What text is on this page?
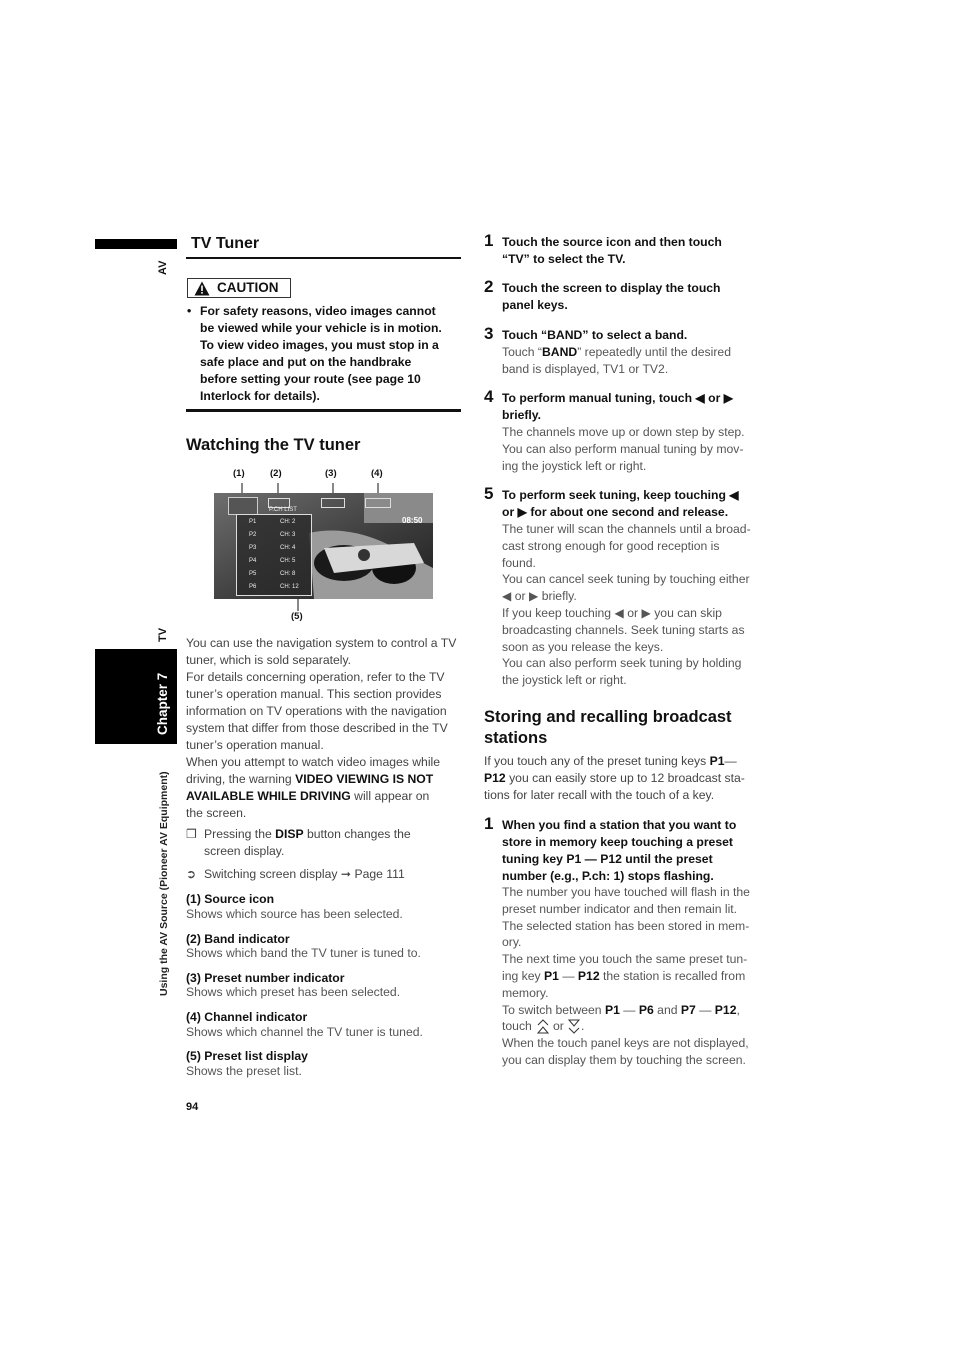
AV
TV
Chapter 7
Using the AV Source (Pioneer AV Equipment)
TV Tuner
CAUTION
• For safety reasons, video images cannot
be viewed while your vehicle is in motion.
To view video images, you must stop in a
safe place and put on the handbrake
before setting your route (see page 10
Interlock for details).
Watching the TV tuner
(1)	(2)	(3)	(4)
(5)
P.CH LIST
08:50
P1	CH: 2
P2	CH: 3
P3	CH: 4
P4	CH: 5
P5	CH: 8
P6	CH: 12
You can use the navigation system to control a TV
tuner, which is sold separately.
For details concerning operation, refer to the TV
tuner’s operation manual. This section provides
information on TV operations with the navigation
system that differ from those described in the TV
tuner’s operation manual.
When you attempt to watch video images while
driving, the warning VIDEO VIEWING IS NOT
AVAILABLE WHILE DRIVING will appear on
the screen.
❒ Pressing the DISP button changes the
screen display.
➲ Switching screen display ➞ Page 111
(1) Source icon
Shows which source has been selected.
(2) Band indicator
Shows which band the TV tuner is tuned to.
(3) Preset number indicator
Shows which preset has been selected.
(4) Channel indicator
Shows which channel the TV tuner is tuned.
(5) Preset list display
Shows the preset list.
94
1 Touch the source icon and then touch
“TV” to select the TV.
2 Touch the screen to display the touch
panel keys.
3 Touch “BAND” to select a band.
Touch “BAND” repeatedly until the desired
band is displayed, TV1 or TV2.
4 To perform manual tuning, touch ◀ or ▶
briefly.
The channels move up or down step by step.
You can also perform manual tuning by mov-
ing the joystick left or right.
5 To perform seek tuning, keep touching ◀
or ▶ for about one second and release.
The tuner will scan the channels until a broad-
cast strong enough for good reception is
found.
You can cancel seek tuning by touching either
◀ or ▶ briefly.
If you keep touching ◀ or ▶ you can skip
broadcasting channels. Seek tuning starts as
soon as you release the keys.
You can also perform seek tuning by holding
the joystick left or right.
Storing and recalling broadcast
stations
If you touch any of the preset tuning keys P1—
P12 you can easily store up to 12 broadcast sta-
tions for later recall with the touch of a key.
1 When you find a station that you want to
store in memory keep touching a preset
tuning key P1 — P12 until the preset
number (e.g., P.ch: 1) stops flashing.
The number you have touched will flash in the
preset number indicator and then remain lit.
The selected station has been stored in mem-
ory.
The next time you touch the same preset tun-
ing key P1 — P12 the station is recalled from
memory.
To switch between P1 — P6 and P7 — P12,
touch or .
When the touch panel keys are not displayed,
you can display them by touching the screen.
